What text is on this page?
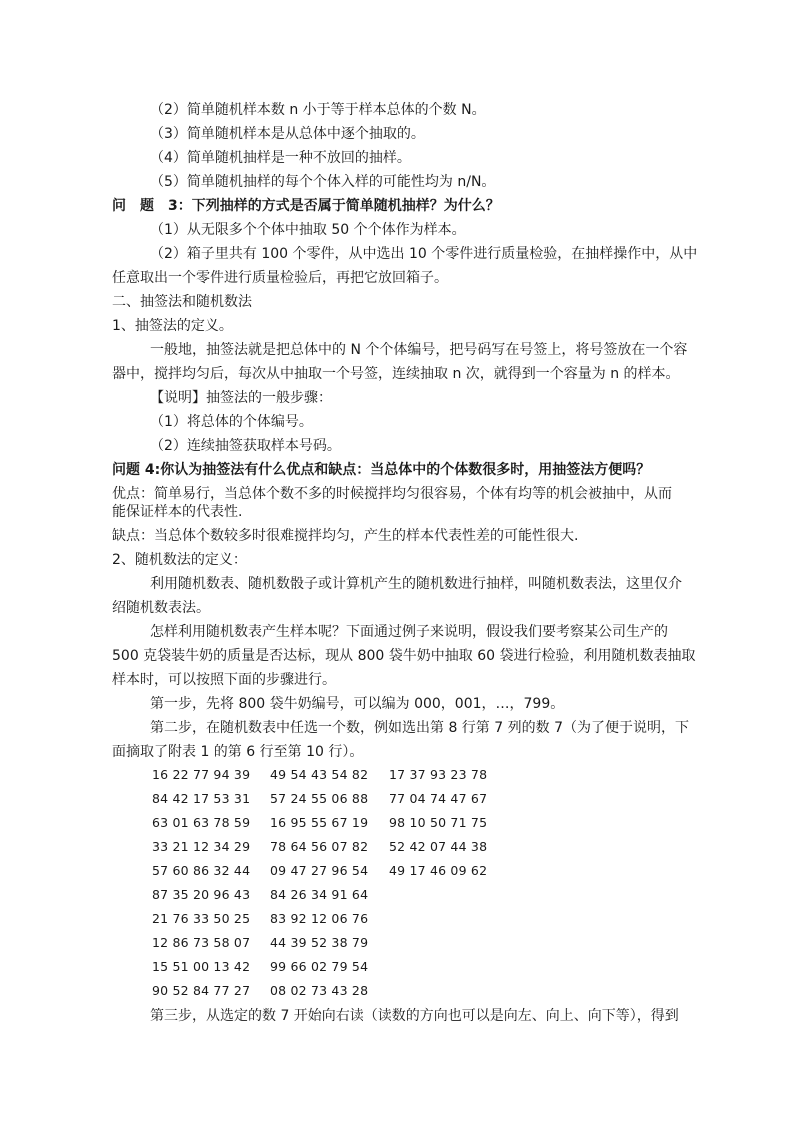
（2）简单随机样本数 n 小于等于样本总体的个数 N。
（3）简单随机样本是从总体中逐个抽取的。
（4）简单随机抽样是一种不放回的抽样。
（5）简单随机抽样的每个个体入样的可能性均为 n/N。
问　题　3：下列抽样的方式是否属于简单随机抽样？为什么？
（1）从无限多个个体中抽取 50 个个体作为样本。
（2）箱子里共有 100 个零件，从中选出 10 个零件进行质量检验，在抽样操作中，从中
任意取出一个零件进行质量检验后，再把它放回箱子。
二、抽签法和随机数法
1、抽签法的定义。
一般地，抽签法就是把总体中的 N 个个体编号，把号码写在号签上，将号签放在一个容
器中，搅拌均匀后，每次从中抽取一个号签，连续抽取 n 次，就得到一个容量为 n 的样本。
【说明】抽签法的一般步骤：
（1）将总体的个体编号。
（2）连续抽签获取样本号码。
问题 4:你认为抽签法有什么优点和缺点：当总体中的个体数很多时，用抽签法方便吗？
优点：简单易行，当总体个数不多的时候搅拌均匀很容易，个体有均等的机会被抽中，从而
能保证样本的代表性.
缺点：当总体个数较多时很难搅拌均匀，产生的样本代表性差的可能性很大.
2、随机数法的定义：
利用随机数表、随机数骰子或计算机产生的随机数进行抽样，叫随机数表法，这里仅介
绍随机数表法。
怎样利用随机数表产生样本呢？下面通过例子来说明，假设我们要考察某公司生产的
500 克袋装牛奶的质量是否达标，现从 800 袋牛奶中抽取 60 袋进行检验，利用随机数表抽取
样本时，可以按照下面的步骤进行。
第一步，先将 800 袋牛奶编号，可以编为 000，001，…，799。
第二步，在随机数表中任选一个数，例如选出第 8 行第 7 列的数 7（为了便于说明，下
面摘取了附表 1 的第 6 行至第 10 行）。
16 22 77 94 39 49 54 43 54 82 17 37 93 23 78
84 42 17 53 31 57 24 55 06 88 77 04 74 47 67
63 01 63 78 59 16 95 55 67 19 98 10 50 71 75
33 21 12 34 29 78 64 56 07 82 52 42 07 44 38
57 60 86 32 44 09 47 27 96 54 49 17 46 09 62
87 35 20 96 43 84 26 34 91 64
21 76 33 50 25 83 92 12 06 76
12 86 73 58 07 44 39 52 38 79
15 51 00 13 42 99 66 02 79 54
90 52 84 77 27 08 02 73 43 28
第三步，从选定的数 7 开始向右读（读数的方向也可以是向左、向上、向下等），得到
